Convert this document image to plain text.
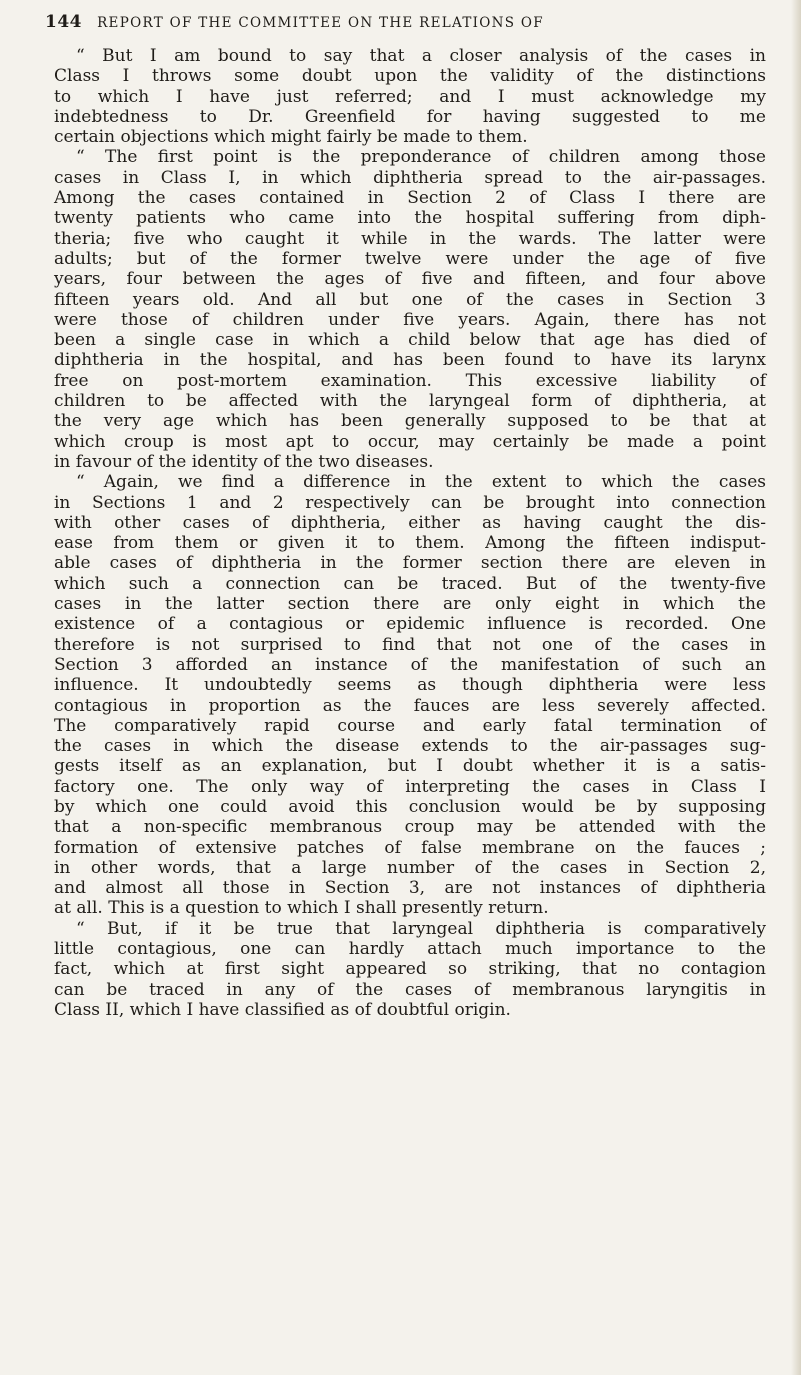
144 REPORT OF THE COMMITTEE ON THE RELATIONS OF
“ But I am bound to say that a closer analysis of the cases in
Class I throws some doubt upon the validity of the distinctions
to which I have just referred; and I must acknowledge my
indebtedness to Dr. Greenfield for having suggested to me
certain objections which might fairly be made to them.
“ The first point is the preponderance of children among those
cases in Class I, in which diphtheria spread to the air-passages.
Among the cases contained in Section 2 of Class I there are
twenty patients who came into the hospital suffering from diph-
theria; five who caught it while in the wards. The latter were
adults; but of the former twelve were under the age of five
years, four between the ages of five and fifteen, and four above
fifteen years old. And all but one of the cases in Section 3
were those of children under five years. Again, there has not
been a single case in which a child below that age has died of
diphtheria in the hospital, and has been found to have its larynx
free on post-mortem examination. This excessive liability of
children to be affected with the laryngeal form of diphtheria, at
the very age which has been generally supposed to be that at
which croup is most apt to occur, may certainly be made a point
in favour of the identity of the two diseases.
“ Again, we find a difference in the extent to which the cases
in Sections 1 and 2 respectively can be brought into connection
with other cases of diphtheria, either as having caught the dis-
ease from them or given it to them. Among the fifteen indisput-
able cases of diphtheria in the former section there are eleven in
which such a connection can be traced. But of the twenty-five
cases in the latter section there are only eight in which the
existence of a contagious or epidemic influence is recorded. One
therefore is not surprised to find that not one of the cases in
Section 3 afforded an instance of the manifestation of such an
influence. It undoubtedly seems as though diphtheria were less
contagious in proportion as the fauces are less severely affected.
The comparatively rapid course and early fatal termination of
the cases in which the disease extends to the air-passages sug-
gests itself as an explanation, but I doubt whether it is a satis-
factory one. The only way of interpreting the cases in Class I
by which one could avoid this conclusion would be by supposing
that a non-specific membranous croup may be attended with the
formation of extensive patches of false membrane on the fauces ;
in other words, that a large number of the cases in Section 2,
and almost all those in Section 3, are not instances of diphtheria
at all. This is a question to which I shall presently return.
“ But, if it be true that laryngeal diphtheria is comparatively
little contagious, one can hardly attach much importance to the
fact, which at first sight appeared so striking, that no contagion
can be traced in any of the cases of membranous laryngitis in
Class II, which I have classified as of doubtful origin.
